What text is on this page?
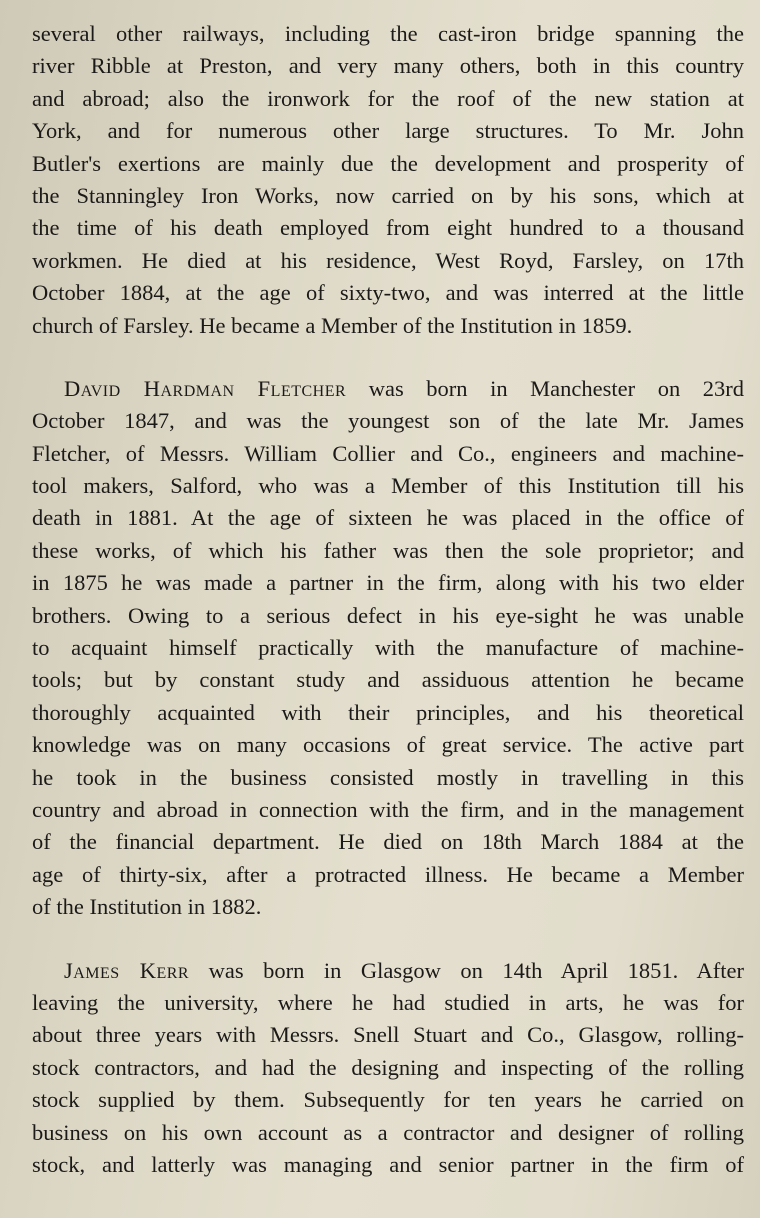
several other railways, including the cast-iron bridge spanning the
river Ribble at Preston, and very many others, both in this country
and abroad; also the ironwork for the roof of the new station at
York, and for numerous other large structures. To Mr. John
Butler's exertions are mainly due the development and prosperity of
the Stanningley Iron Works, now carried on by his sons, which at
the time of his death employed from eight hundred to a thousand
workmen. He died at his residence, West Royd, Farsley, on 17th
October 1884, at the age of sixty-two, and was interred at the little
church of Farsley. He became a Member of the Institution in 1859.
David Hardman Fletcher was born in Manchester on 23rd
October 1847, and was the youngest son of the late Mr. James
Fletcher, of Messrs. William Collier and Co., engineers and machine-
tool makers, Salford, who was a Member of this Institution till his
death in 1881. At the age of sixteen he was placed in the office of
these works, of which his father was then the sole proprietor; and
in 1875 he was made a partner in the firm, along with his two elder
brothers. Owing to a serious defect in his eye-sight he was unable
to acquaint himself practically with the manufacture of machine-
tools; but by constant study and assiduous attention he became
thoroughly acquainted with their principles, and his theoretical
knowledge was on many occasions of great service. The active part
he took in the business consisted mostly in travelling in this
country and abroad in connection with the firm, and in the management
of the financial department. He died on 18th March 1884 at the
age of thirty-six, after a protracted illness. He became a Member
of the Institution in 1882.
James Kerr was born in Glasgow on 14th April 1851. After
leaving the university, where he had studied in arts, he was for
about three years with Messrs. Snell Stuart and Co., Glasgow, rolling-
stock contractors, and had the designing and inspecting of the rolling
stock supplied by them. Subsequently for ten years he carried on
business on his own account as a contractor and designer of rolling
stock, and latterly was managing and senior partner in the firm of
